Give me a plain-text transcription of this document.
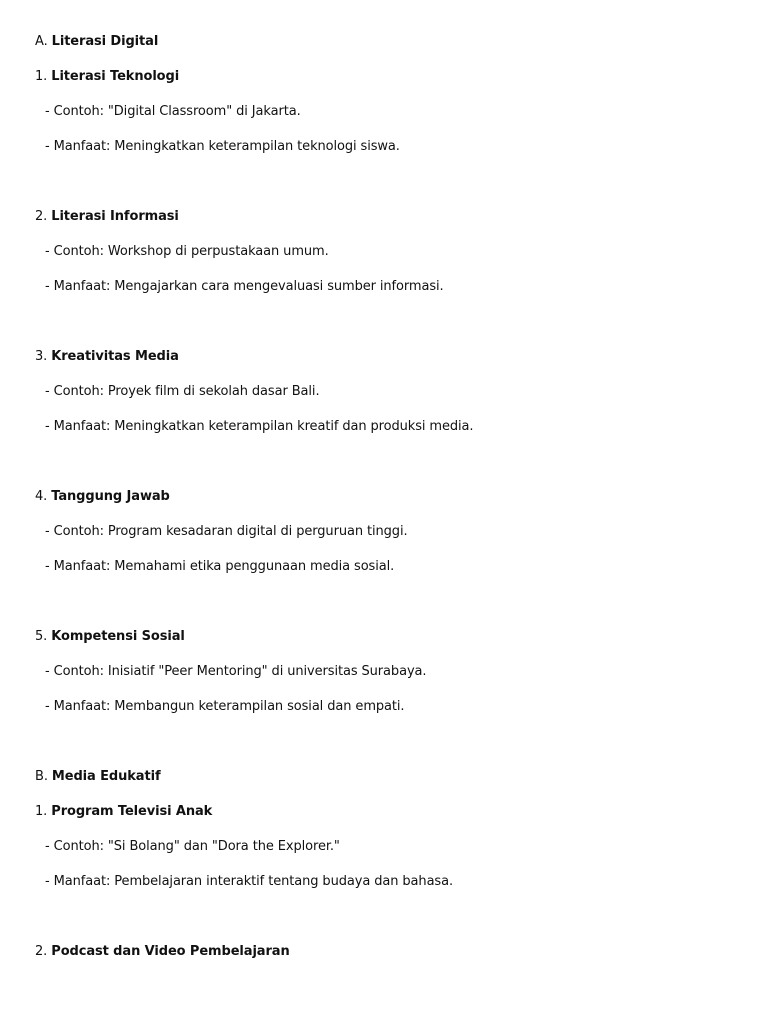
A. Literasi Digital
1. Literasi Teknologi
- Contoh: "Digital Classroom" di Jakarta.
- Manfaat: Meningkatkan keterampilan teknologi siswa.
2. Literasi Informasi
- Contoh: Workshop di perpustakaan umum.
- Manfaat: Mengajarkan cara mengevaluasi sumber informasi.
3. Kreativitas Media
- Contoh: Proyek film di sekolah dasar Bali.
- Manfaat: Meningkatkan keterampilan kreatif dan produksi media.
4. Tanggung Jawab
- Contoh: Program kesadaran digital di perguruan tinggi.
- Manfaat: Memahami etika penggunaan media sosial.
5. Kompetensi Sosial
- Contoh: Inisiatif "Peer Mentoring" di universitas Surabaya.
- Manfaat: Membangun keterampilan sosial dan empati.
B. Media Edukatif
1. Program Televisi Anak
- Contoh: "Si Bolang" dan "Dora the Explorer."
- Manfaat: Pembelajaran interaktif tentang budaya dan bahasa.
2. Podcast dan Video Pembelajaran
